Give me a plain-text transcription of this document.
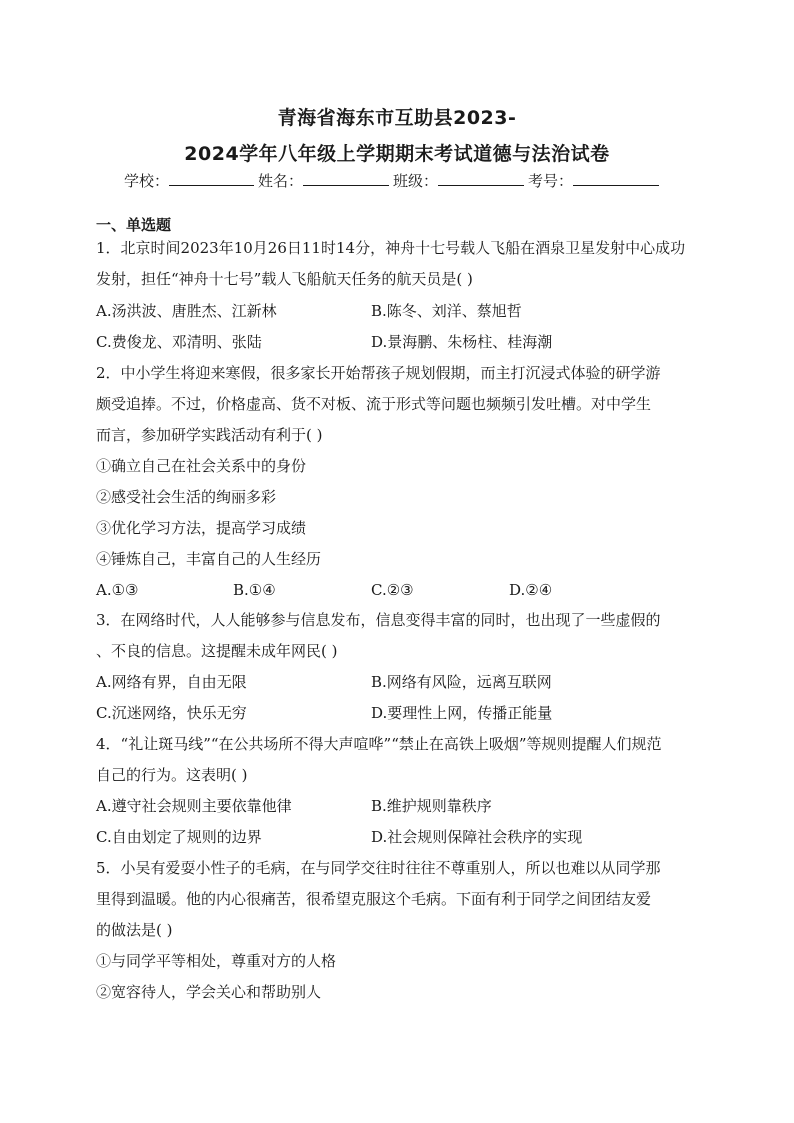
青海省海东市互助县2023-
2024学年八年级上学期期末考试道德与法治试卷
学校：	姓名：	班级：	考号：
一、单选题
1．北京时间2023年10月26日11时14分，神舟十七号载人飞船在酒泉卫星发射中心成功
发射，担任“神舟十七号”载人飞船航天任务的航天员是( )
A.汤洪波、唐胜杰、江新林	B.陈冬、刘洋、蔡旭哲
C.费俊龙、邓清明、张陆	D.景海鹏、朱杨柱、桂海潮
2．中小学生将迎来寒假，很多家长开始帮孩子规划假期，而主打沉浸式体验的研学游
颇受追捧。不过，价格虚高、货不对板、流于形式等问题也频频引发吐槽。对中学生
而言，参加研学实践活动有利于( )
①确立自己在社会关系中的身份
②感受社会生活的绚丽多彩
③优化学习方法，提高学习成绩
④锤炼自己，丰富自己的人生经历
A.①③	B.①④	C.②③	D.②④
3．在网络时代，人人能够参与信息发布，信息变得丰富的同时，也出现了一些虚假的
、不良的信息。这提醒未成年网民( )
A.网络有界，自由无限	B.网络有风险，远离互联网
C.沉迷网络，快乐无穷	D.要理性上网，传播正能量
4．“礼让斑马线”“在公共场所不得大声喧哗”“禁止在高铁上吸烟”等规则提醒人们规范
自己的行为。这表明( )
A.遵守社会规则主要依靠他律	B.维护规则靠秩序
C.自由划定了规则的边界	D.社会规则保障社会秩序的实现
5．小吴有爱耍小性子的毛病，在与同学交往时往往不尊重别人，所以也难以从同学那
里得到温暖。他的内心很痛苦，很希望克服这个毛病。下面有利于同学之间团结友爱
的做法是( )
①与同学平等相处，尊重对方的人格
②宽容待人，学会关心和帮助别人
